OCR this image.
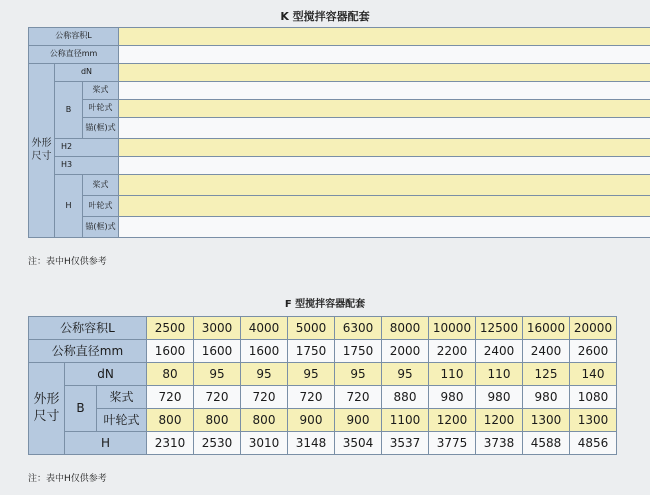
K 型搅拌容器配套
公称容积L																
公称直径mm																
外形尺寸	dN																
	B	桨式																
		叶轮式																
		锚(框)式																
	H2																
	H3																
	H	桨式																
		叶轮式																
		锚(框)式																
注：表中H仅供参考
F 型搅拌容器配套
公称容积L			2500	3000	4000	5000	6300	8000	10000	12500	16000	20000
公称直径mm			1600	1600	1600	1750	1750	2000	2200	2400	2400	2600
外形尺寸	dN		80	95	95	95	95	95	110	110	125	140
	B	桨式	720	720	720	720	720	880	980	980	980	1080
		叶轮式	800	800	800	900	900	1100	1200	1200	1300	1300
	H		2310	2530	3010	3148	3504	3537	3775	3738	4588	4856
注：表中H仅供参考
